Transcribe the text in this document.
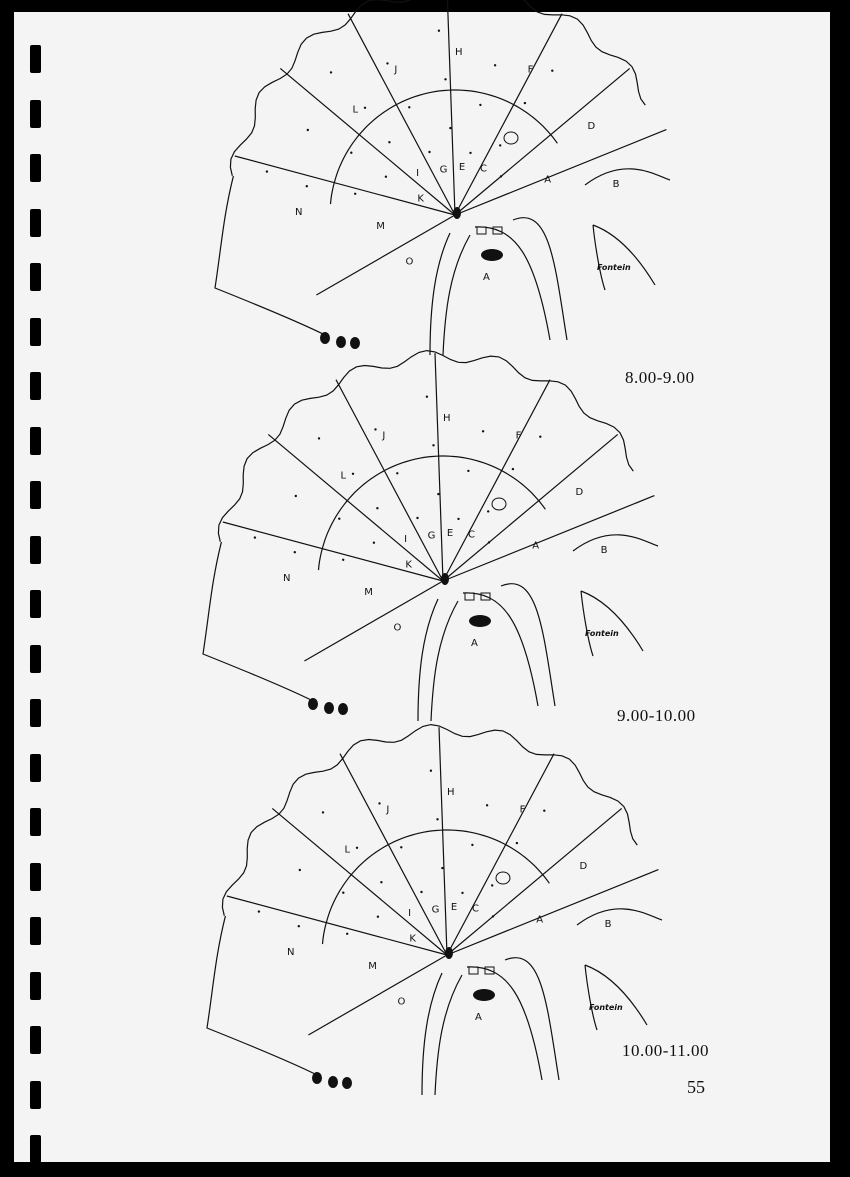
N
L
J
H
F
D
B
O
M
K
I G E C
A
A
Fontein
8.00-9.00
N
L
J
H
F
D
B
O
M
K
I G E C
A
A
Fontein
9.00-10.00
N
L
J
H
F
D
B
O
M
K
I G E C
A
A
Fontein
10.00-11.00
55
